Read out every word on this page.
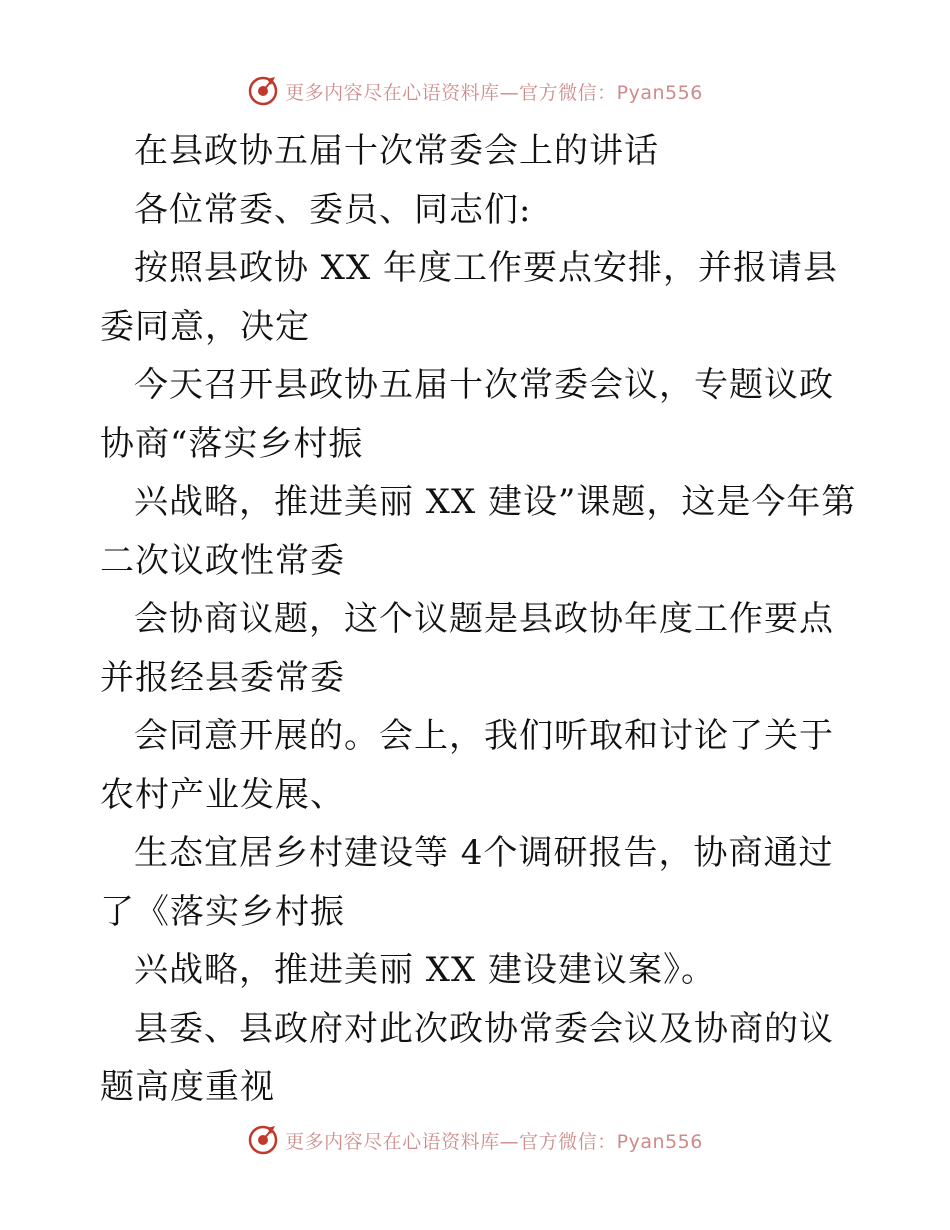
更多内容尽在心语资料库—官方微信：Pyan556

在县政协五届十次常委会上的讲话

各位常委、委员、同志们:

按照县政协 XX 年度工作要点安排，并报请县委同意，决定

今天召开县政协五届十次常委会议，专题议政协商“落实乡村振

兴战略，推进美丽 XX 建设”课题，这是今年第二次议政性常委

会协商议题，这个议题是县政协年度工作要点并报经县委常委

会同意开展的。会上，我们听取和讨论了关于农村产业发展、

生态宜居乡村建设等 4个调研报告，协商通过了《落实乡村振

兴战略，推进美丽 XX 建设建议案》。

县委、县政府对此次政协常委会议及协商的议题高度重视

更多内容尽在心语资料库—官方微信：Pyan556
